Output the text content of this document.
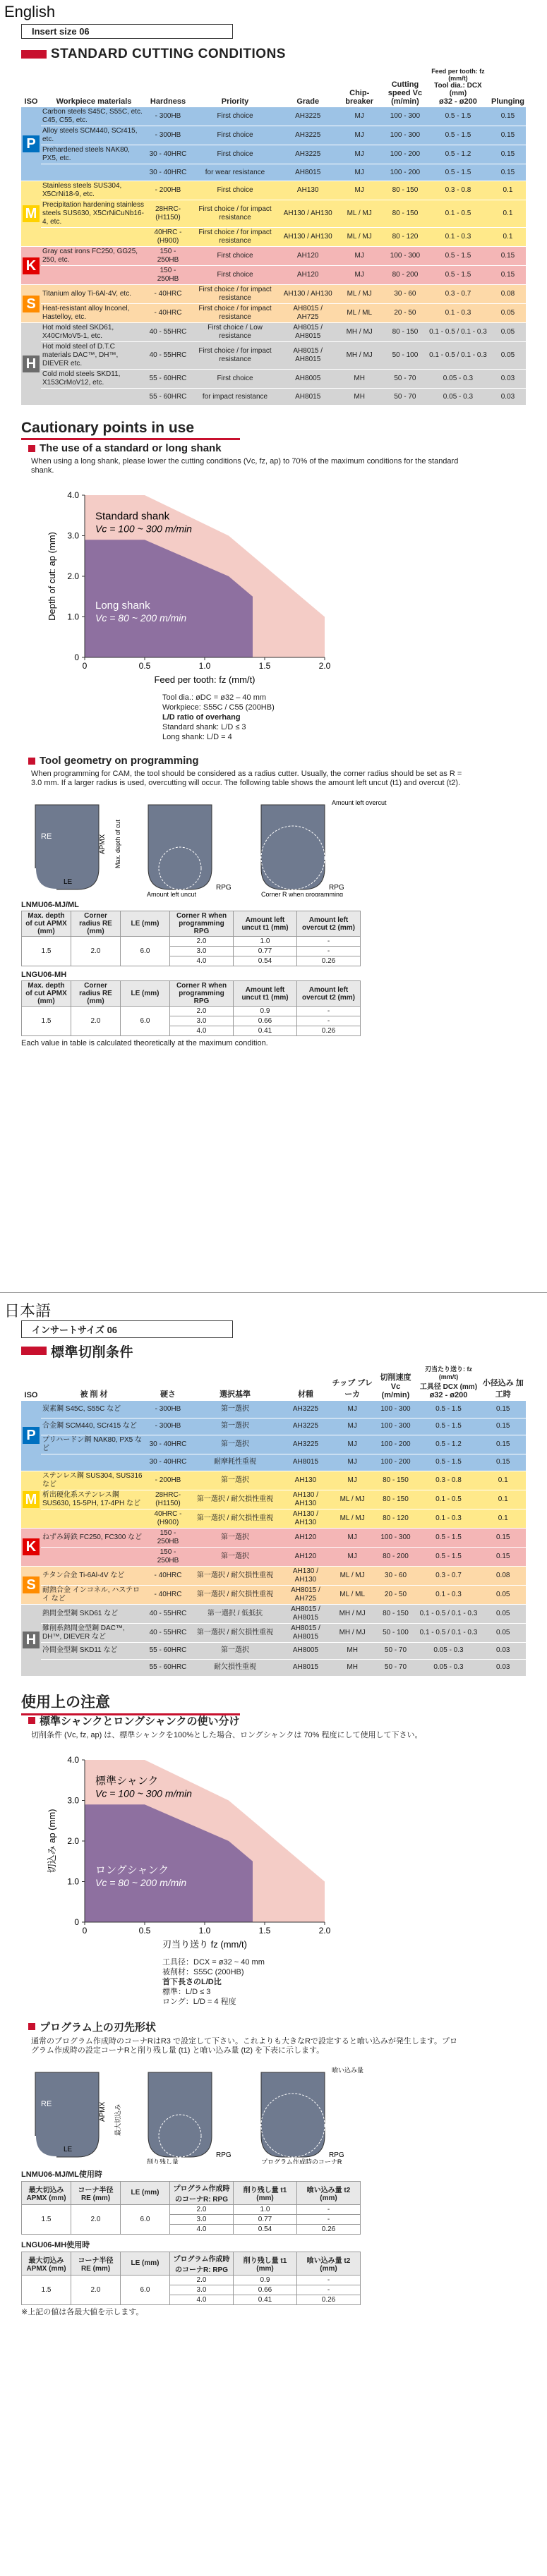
English
Insert size 06
STANDARD CUTTING CONDITIONS
ISO	Workpiece materials	Hardness	Priority	Grade	Chip- breaker	Cutting speed Vc (m/min)	Feed per tooth: fz (mm/t)
Tool dia.: DCX (mm)
ø32 - ø200	Plunging
P	Carbon steels S45C, S55C, etc. C45, C55, etc.	- 300HB	First choice	AH3225	MJ	100 - 300	0.5 - 1.5	0.15
	Alloy steels SCM440, SCr415, etc.	- 300HB	First choice	AH3225	MJ	100 - 300	0.5 - 1.5	0.15
	Prehardened steels NAK80, PX5, etc.	30 - 40HRC	First choice	AH3225	MJ	100 - 200	0.5 - 1.2	0.15
		30 - 40HRC	for wear resistance	AH8015	MJ	100 - 200	0.5 - 1.5	0.15
M	Stainless steels SUS304, X5CrNi18-9, etc.	- 200HB	First choice	AH130	MJ	80 - 150	0.3 - 0.8	0.1
	Precipitation hardening stainless steels SUS630, X5CrNiCuNb16-4, etc.	28HRC- (H1150)	First choice / for impact resistance	AH130 / AH130	ML / MJ	80 - 150	0.1 - 0.5	0.1
		40HRC - (H900)	First choice / for impact resistance	AH130 / AH130	ML / MJ	80 - 120	0.1 - 0.3	0.1
K	Gray cast irons FC250, GG25, 250, etc.	150 - 250HB	First choice	AH120	MJ	100 - 300	0.5 - 1.5	0.15
		150 - 250HB	First choice	AH120	MJ	80 - 200	0.5 - 1.5	0.15
S	Titanium alloy Ti-6Al-4V, etc.	- 40HRC	First choice / for impact resistance	AH130 / AH130	ML / MJ	30 - 60	0.3 - 0.7	0.08
	Heat-resistant alloy Inconel, Hastelloy, etc.	- 40HRC	First choice / for impact resistance	AH8015 / AH725	ML / ML	20 - 50	0.1 - 0.3	0.05
H	Hot mold steel SKD61, X40CrMoV5-1, etc.	40 - 55HRC	First choice / Low resistance	AH8015 / AH8015	MH / MJ	80 - 150	0.1 - 0.5 / 0.1 - 0.3	0.05
	Hot mold steel of D.T.C materials DAC™, DH™, DIEVER etc.	40 - 55HRC	First choice / for impact resistance	AH8015 / AH8015	MH / MJ	50 - 100	0.1 - 0.5 / 0.1 - 0.3	0.05
	Cold mold steels SKD11, X153CrMoV12, etc.	55 - 60HRC	First choice	AH8005	MH	50 - 70	0.05 - 0.3	0.03
		55 - 60HRC	for impact resistance	AH8015	MH	50 - 70	0.05 - 0.3	0.03
Cautionary points in use
The use of a standard or long shank
When using a long shank, please lower the cutting conditions (Vc, fz, ap) to 70% of the maximum conditions for the standard shank.
0	0.5	1.0	1.5	2.0
0
1.0
2.0
3.0
4.0
Standard shank
Vc = 100 ~ 300 m/min
Long shank
Vc = 80 ~ 200 m/min
Feed per tooth: fz (mm/t)
Depth of cut: ap (mm)
Tool dia.: øDC = ø32 – 40 mm
Workpiece: S55C / C55 (200HB)
L/D ratio of overhang
Standard shank: L/D ≤ 3
Long shank: L/D = 4
Tool geometry on programming
When programming for CAM, the tool should be considered as a radius cutter. Usually, the corner radius should be set as R = 3.0 mm. If a larger radius is used, overcutting will occur. The following table shows the amount left uncut (t1) and overcut (t2).
RE
LE
APMX Max. depth of cut
RPG
Amount left uncut
RPG
Amount left overcut
Corner R when programming
LNMU06-MJ/ML
Max. depth of cut APMX (mm)	Corner radius RE (mm)	LE (mm)	Corner R when programming RPG	Amount left uncut t1 (mm)	Amount left overcut t2 (mm)
1.5	2.0	6.0	2.0	1.0	-
			3.0	0.77	-
			4.0	0.54	0.26
LNGU06-MH
Max. depth of cut APMX (mm)	Corner radius RE (mm)	LE (mm)	Corner R when programming RPG	Amount left uncut t1 (mm)	Amount left overcut t2 (mm)
1.5	2.0	6.0	2.0	0.9	-
			3.0	0.66	-
			4.0	0.41	0.26
Each value in table is calculated theoretically at the maximum condition.
日本語
インサートサイズ 06
標準切削条件
ISO	被 削 材	硬さ	選択基準	材種	チップ ブレーカ	切削速度 Vc (m/min)	刃当たり送り: fz (mm/t)
工具径 DCX (mm)
ø32 - ø200	小径込み 加工時
P	炭素鋼 S45C, S55C など	- 300HB	第一選択	AH3225	MJ	100 - 300	0.5 - 1.5	0.15
	合金鋼 SCM440, SCr415 など	- 300HB	第一選択	AH3225	MJ	100 - 300	0.5 - 1.5	0.15
	プリハードン鋼 NAK80, PX5 など	30 - 40HRC	第一選択	AH3225	MJ	100 - 200	0.5 - 1.2	0.15
		30 - 40HRC	耐摩耗性重視	AH8015	MJ	100 - 200	0.5 - 1.5	0.15
M	ステンレス鋼 SUS304, SUS316 など	- 200HB	第一選択	AH130	MJ	80 - 150	0.3 - 0.8	0.1
	析出硬化系ステンレス鋼 SUS630, 15-5PH, 17-4PH など	28HRC- (H1150)	第一選択 / 耐欠損性重視	AH130 / AH130	ML / MJ	80 - 150	0.1 - 0.5	0.1
		40HRC - (H900)	第一選択 / 耐欠損性重視	AH130 / AH130	ML / MJ	80 - 120	0.1 - 0.3	0.1
K	ねずみ鋳鉄 FC250, FC300 など	150 - 250HB	第一選択	AH120	MJ	100 - 300	0.5 - 1.5	0.15
		150 - 250HB	第一選択	AH120	MJ	80 - 200	0.5 - 1.5	0.15
S	チタン合金 Ti-6Al-4V など	- 40HRC	第一選択 / 耐欠損性重視	AH130 / AH130	ML / MJ	30 - 60	0.3 - 0.7	0.08
	耐熱合金 インコネル, ハステロイ など	- 40HRC	第一選択 / 耐欠損性重視	AH8015 / AH725	ML / ML	20 - 50	0.1 - 0.3	0.05
H	熱間金型鋼 SKD61 など	40 - 55HRC	第一選択 / 低抵抗	AH8015 / AH8015	MH / MJ	80 - 150	0.1 - 0.5 / 0.1 - 0.3	0.05
	難削系熱間金型鋼 DAC™, DH™, DIEVER など	40 - 55HRC	第一選択 / 耐欠損性重視	AH8015 / AH8015	MH / MJ	50 - 100	0.1 - 0.5 / 0.1 - 0.3	0.05
	冷間金型鋼 SKD11 など	55 - 60HRC	第一選択	AH8005	MH	50 - 70	0.05 - 0.3	0.03
		55 - 60HRC	耐欠損性重視	AH8015	MH	50 - 70	0.05 - 0.3	0.03
使用上の注意
標準シャンクとロングシャンクの使い分け
切削条件 (Vc, fz, ap) は、標準シャンクを100%とした場合、ロングシャンクは 70% 程度にして使用して下さい。
0	0.5	1.0	1.5	2.0
0
1.0
2.0
3.0
4.0
標準シャンク
Vc = 100 ~ 300 m/min
ロングシャンク
Vc = 80 ~ 200 m/min
刃当り送り fz (mm/t)
切込み ap (mm)
工具径：DCX = ø32 ~ 40 mm
被削材：S55C (200HB)
首下長さのL/D比
標準：L/D ≤ 3
ロング：L/D = 4 程度
プログラム上の刃先形状
通常のプログラム作成時のコーナRはR3 で設定して下さい。これよりも大きなRで設定すると喰い込みが発生します。プログラム作成時の設定コーナRと削り残し量 (t1) と喰い込み量 (t2) を下表に示します。
RE
LE
APMX 最大切込み
RPG
削り残し量
RPG
喰い込み量
プログラム作成時のコーナR
LNMU06-MJ/ML使用時
最大切込み APMX (mm)	コーナ半径 RE (mm)	LE (mm)	プログラム作成時のコーナR: RPG	削り残し量 t1 (mm)	喰い込み量 t2 (mm)
1.5	2.0	6.0	2.0	1.0	-
			3.0	0.77	-
			4.0	0.54	0.26
LNGU06-MH使用時
最大切込み APMX (mm)	コーナ半径 RE (mm)	LE (mm)	プログラム作成時のコーナR: RPG	削り残し量 t1 (mm)	喰い込み量 t2 (mm)
1.5	2.0	6.0	2.0	0.9	-
			3.0	0.66	-
			4.0	0.41	0.26
※上記の値は各最大値を示します。
